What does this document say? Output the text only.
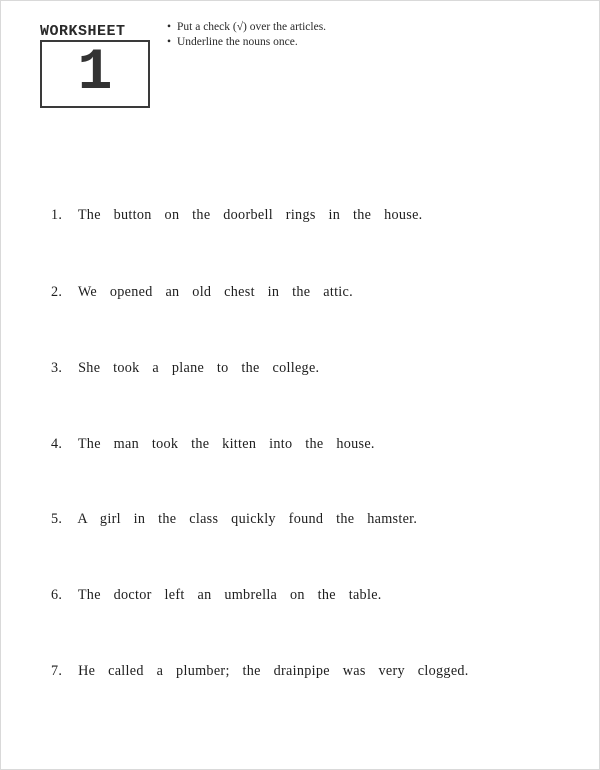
WORKSHEET
1
• Put a check (√) over the articles.
• Underline the nouns once.
1. The button on the doorbell rings in the house.
2. We opened an old chest in the attic.
3. She took a plane to the college.
4. The man took the kitten into the house.
5. A girl in the class quickly found the hamster.
6. The doctor left an umbrella on the table.
7. He called a plumber; the drainpipe was very clogged.
